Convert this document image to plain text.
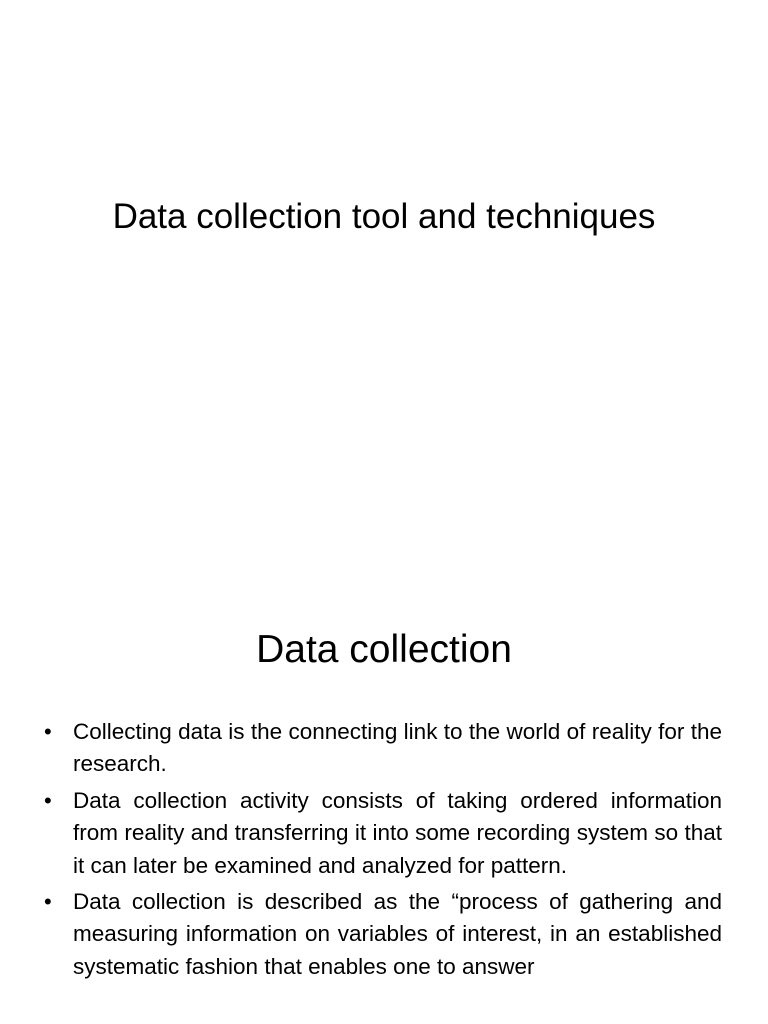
Data collection tool and techniques
Data collection
• Collecting data is the connecting link to the world of reality for the research.
• Data collection activity consists of taking ordered information from reality and transferring it into some recording system so that it can later be examined and analyzed for pattern.
• Data collection is described as the “process of gathering and measuring information on variables of interest, in an established systematic fashion that enables one to answer
